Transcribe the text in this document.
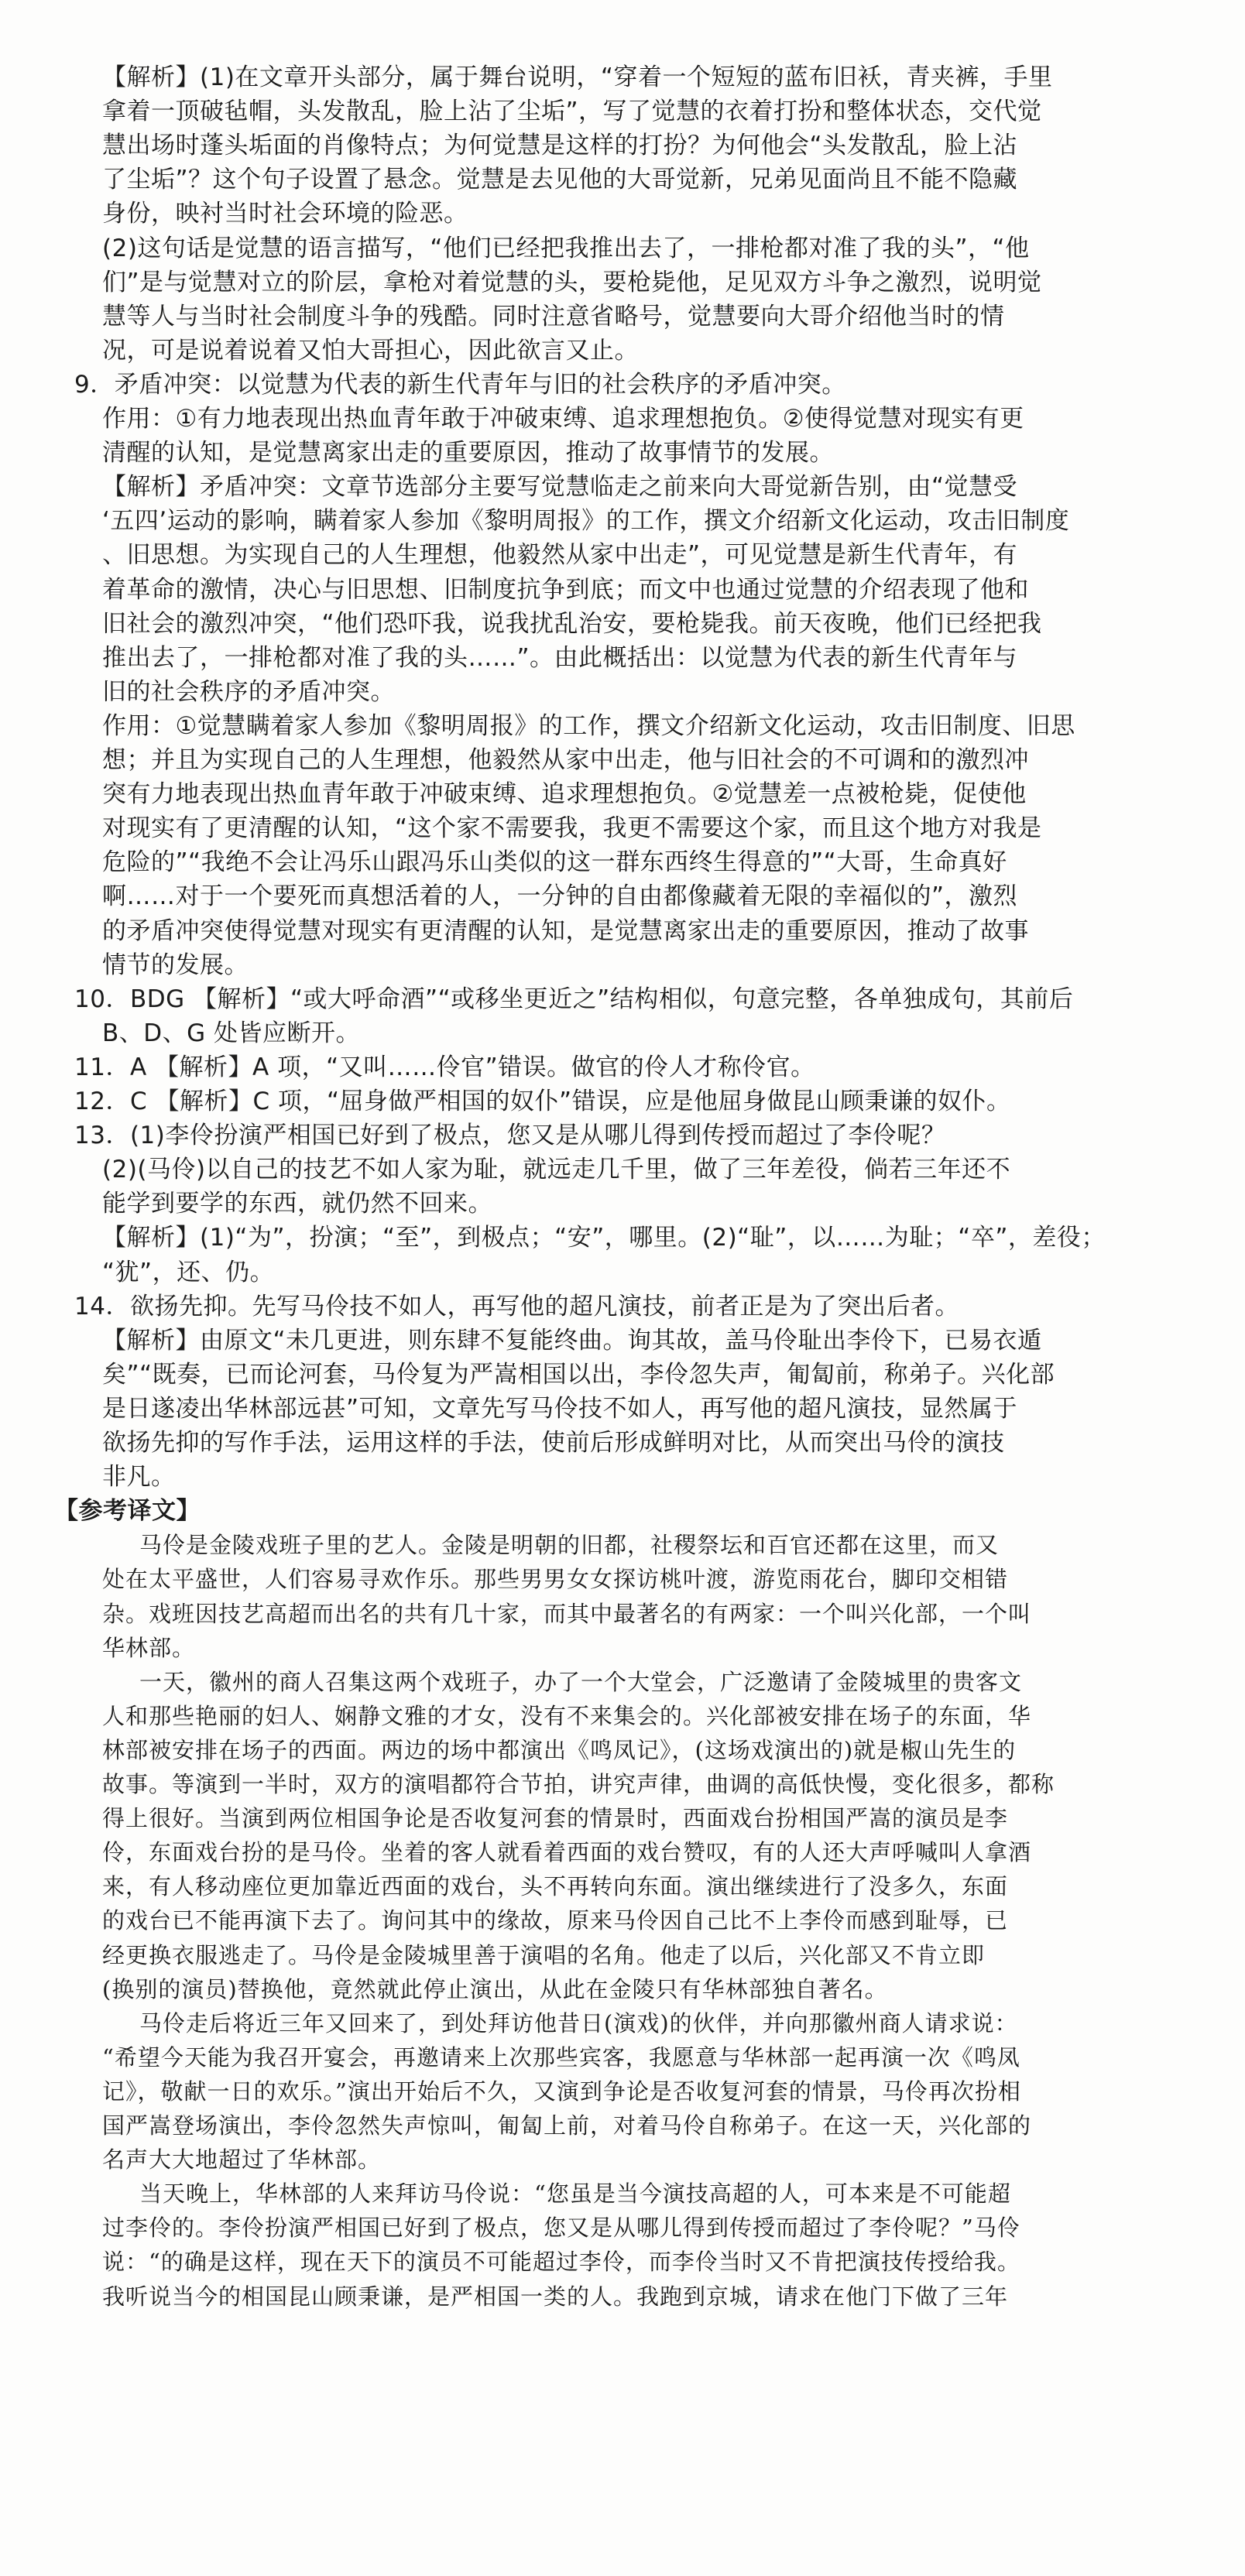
【解析】(1)在文章开头部分，属于舞台说明，“穿着一个短短的蓝布旧袄，青夹裤，手里
拿着一顶破毡帽，头发散乱，脸上沾了尘垢”，写了觉慧的衣着打扮和整体状态，交代觉
慧出场时蓬头垢面的肖像特点；为何觉慧是这样的打扮？为何他会“头发散乱，脸上沾
了尘垢”？这个句子设置了悬念。觉慧是去见他的大哥觉新，兄弟见面尚且不能不隐藏
身份，映衬当时社会环境的险恶。
(2)这句话是觉慧的语言描写，“他们已经把我推出去了，一排枪都对准了我的头”，“他
们”是与觉慧对立的阶层，拿枪对着觉慧的头，要枪毙他，足见双方斗争之激烈，说明觉
慧等人与当时社会制度斗争的残酷。同时注意省略号，觉慧要向大哥介绍他当时的情
况，可是说着说着又怕大哥担心，因此欲言又止。
9．矛盾冲突：以觉慧为代表的新生代青年与旧的社会秩序的矛盾冲突。
作用：①有力地表现出热血青年敢于冲破束缚、追求理想抱负。②使得觉慧对现实有更
清醒的认知，是觉慧离家出走的重要原因，推动了故事情节的发展。
【解析】矛盾冲突：文章节选部分主要写觉慧临走之前来向大哥觉新告别，由“觉慧受
‘五四’运动的影响，瞒着家人参加《黎明周报》的工作，撰文介绍新文化运动，攻击旧制度
、旧思想。为实现自己的人生理想，他毅然从家中出走”，可见觉慧是新生代青年，有
着革命的激情，决心与旧思想、旧制度抗争到底；而文中也通过觉慧的介绍表现了他和
旧社会的激烈冲突，“他们恐吓我，说我扰乱治安，要枪毙我。前天夜晚，他们已经把我
推出去了，一排枪都对准了我的头……”。由此概括出：以觉慧为代表的新生代青年与
旧的社会秩序的矛盾冲突。
作用：①觉慧瞒着家人参加《黎明周报》的工作，撰文介绍新文化运动，攻击旧制度、旧思
想；并且为实现自己的人生理想，他毅然从家中出走，他与旧社会的不可调和的激烈冲
突有力地表现出热血青年敢于冲破束缚、追求理想抱负。②觉慧差一点被枪毙，促使他
对现实有了更清醒的认知，“这个家不需要我，我更不需要这个家，而且这个地方对我是
危险的”“我绝不会让冯乐山跟冯乐山类似的这一群东西终生得意的”“大哥，生命真好
啊……对于一个要死而真想活着的人，一分钟的自由都像藏着无限的幸福似的”，激烈
的矛盾冲突使得觉慧对现实有更清醒的认知，是觉慧离家出走的重要原因，推动了故事
情节的发展。
10．BDG 【解析】“或大呼命酒”“或移坐更近之”结构相似，句意完整，各单独成句，其前后
B、D、G 处皆应断开。
11．A 【解析】A 项，“又叫……伶官”错误。做官的伶人才称伶官。
12．C 【解析】C 项，“屈身做严相国的奴仆”错误，应是他屈身做昆山顾秉谦的奴仆。
13．(1)李伶扮演严相国已好到了极点，您又是从哪儿得到传授而超过了李伶呢？
(2)(马伶)以自己的技艺不如人家为耻，就远走几千里，做了三年差役，倘若三年还不
能学到要学的东西，就仍然不回来。
【解析】(1)“为”，扮演；“至”，到极点；“安”，哪里。(2)“耻”，以……为耻；“卒”，差役；
“犹”，还、仍。
14．欲扬先抑。先写马伶技不如人，再写他的超凡演技，前者正是为了突出后者。
【解析】由原文“未几更进，则东肆不复能终曲。询其故，盖马伶耻出李伶下，已易衣遁
矣”“既奏，已而论河套，马伶复为严嵩相国以出，李伶忽失声，匍匐前，称弟子。兴化部
是日遂凌出华林部远甚”可知，文章先写马伶技不如人，再写他的超凡演技，显然属于
欲扬先抑的写作手法，运用这样的手法，使前后形成鲜明对比，从而突出马伶的演技
非凡。
【参考译文】
马伶是金陵戏班子里的艺人。金陵是明朝的旧都，社稷祭坛和百官还都在这里，而又
处在太平盛世，人们容易寻欢作乐。那些男男女女探访桃叶渡，游览雨花台，脚印交相错
杂。戏班因技艺高超而出名的共有几十家，而其中最著名的有两家：一个叫兴化部，一个叫
华林部。
一天，徽州的商人召集这两个戏班子，办了一个大堂会，广泛邀请了金陵城里的贵客文
人和那些艳丽的妇人、娴静文雅的才女，没有不来集会的。兴化部被安排在场子的东面，华
林部被安排在场子的西面。两边的场中都演出《鸣凤记》，(这场戏演出的)就是椒山先生的
故事。等演到一半时，双方的演唱都符合节拍，讲究声律，曲调的高低快慢，变化很多，都称
得上很好。当演到两位相国争论是否收复河套的情景时，西面戏台扮相国严嵩的演员是李
伶，东面戏台扮的是马伶。坐着的客人就看着西面的戏台赞叹，有的人还大声呼喊叫人拿酒
来，有人移动座位更加靠近西面的戏台，头不再转向东面。演出继续进行了没多久，东面
的戏台已不能再演下去了。询问其中的缘故，原来马伶因自己比不上李伶而感到耻辱，已
经更换衣服逃走了。马伶是金陵城里善于演唱的名角。他走了以后，兴化部又不肯立即
(换别的演员)替换他，竟然就此停止演出，从此在金陵只有华林部独自著名。
马伶走后将近三年又回来了，到处拜访他昔日(演戏)的伙伴，并向那徽州商人请求说：
“希望今天能为我召开宴会，再邀请来上次那些宾客，我愿意与华林部一起再演一次《鸣凤
记》，敬献一日的欢乐。”演出开始后不久，又演到争论是否收复河套的情景，马伶再次扮相
国严嵩登场演出，李伶忽然失声惊叫，匍匐上前，对着马伶自称弟子。在这一天，兴化部的
名声大大地超过了华林部。
当天晚上，华林部的人来拜访马伶说：“您虽是当今演技高超的人，可本来是不可能超
过李伶的。李伶扮演严相国已好到了极点，您又是从哪儿得到传授而超过了李伶呢？”马伶
说：“的确是这样，现在天下的演员不可能超过李伶，而李伶当时又不肯把演技传授给我。
我听说当今的相国昆山顾秉谦，是严相国一类的人。我跑到京城，请求在他门下做了三年
